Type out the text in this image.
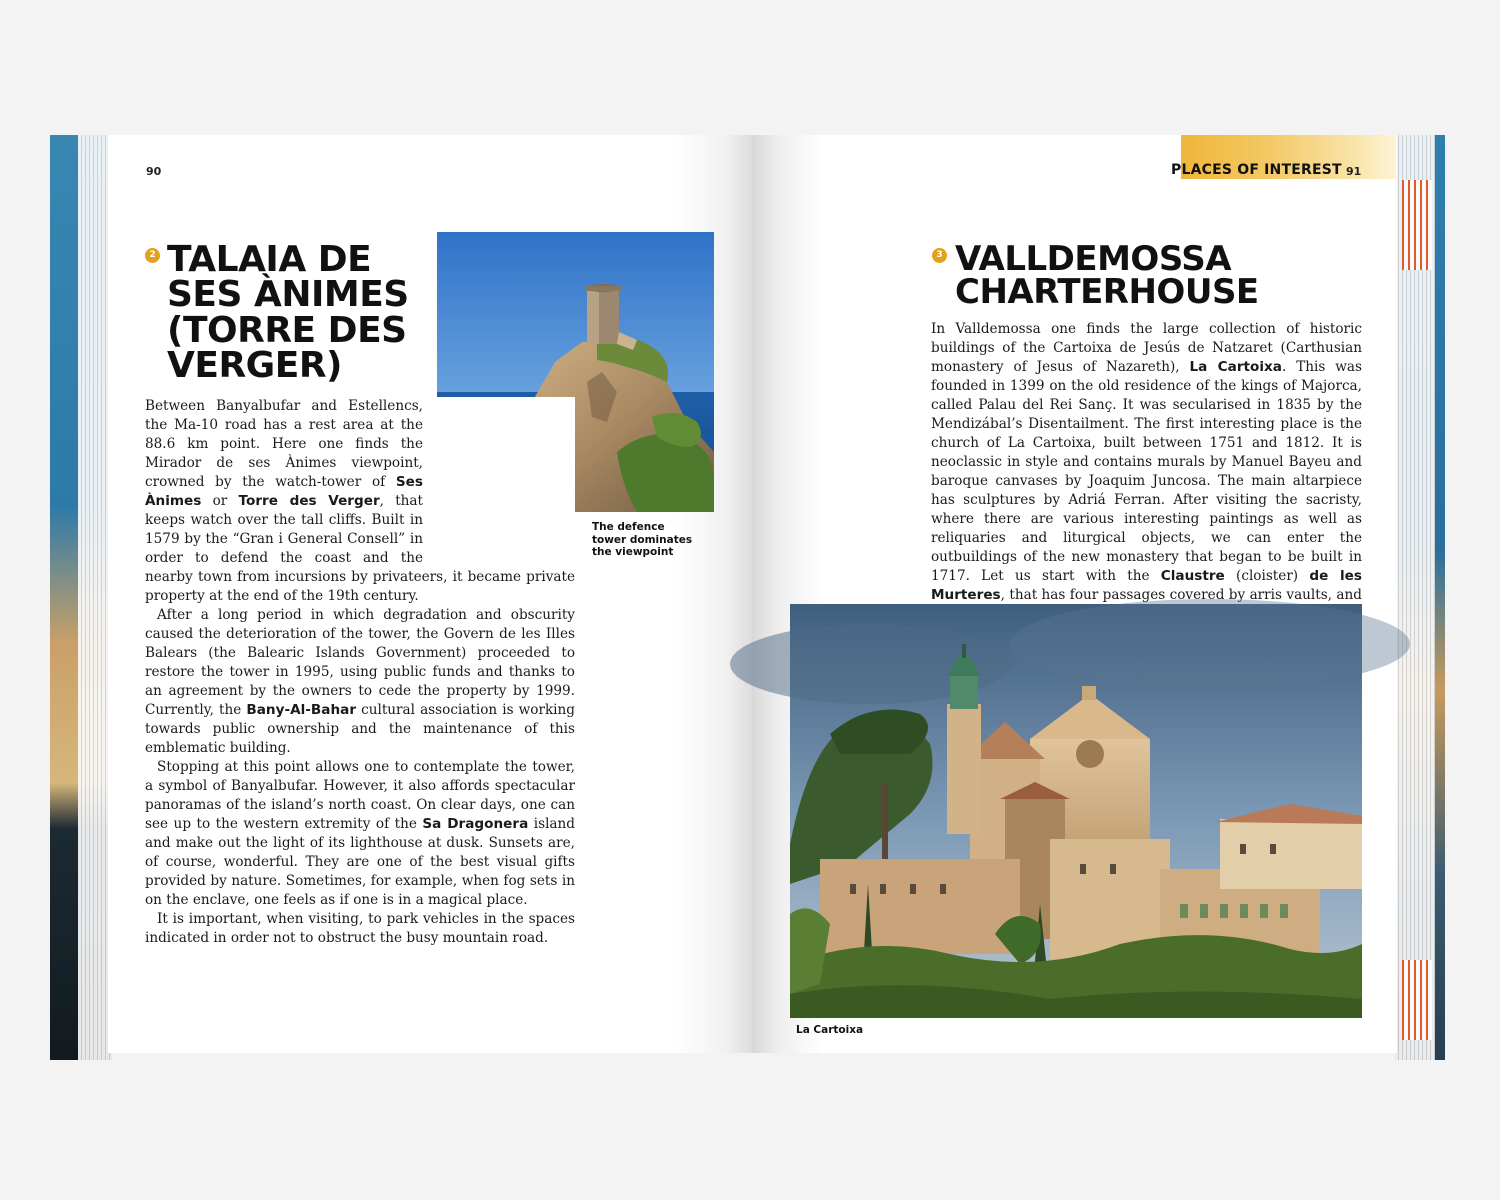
90
2 TALAIA DE
SES ÀNIMES
(TORRE DES
VERGER)
The defence tower dominates the viewpoint

Between Banyalbufar and Estellencs, the Ma-10 road has a rest area at the 88.6 km point. Here one finds the Mirador de ses Ànimes viewpoint, crowned by the watch-tower of Ses Ànimes or Torre des Verger, that keeps watch over the tall cliffs. Built in 1579 by the “Gran i General Consell” in order to defend the coast and the nearby town from incursions by privateers, it became private property at the end of the 19th century.

After a long period in which degradation and obscurity caused the deterioration of the tower, the Govern de les Illes Balears (the Balearic Islands Government) proceeded to restore the tower in 1995, using public funds and thanks to an agreement by the owners to cede the property by 1999. Currently, the Bany-Al-Bahar cultural association is working towards public ownership and the maintenance of this emblematic building.

Stopping at this point allows one to contemplate the tower, a symbol of Banyalbufar. However, it also affords spectacular panoramas of the island’s north coast. On clear days, one can see up to the western extremity of the Sa Dragonera island and make out the light of its lighthouse at dusk. Sunsets are, of course, wonderful. They are one of the best visual gifts provided by nature. Sometimes, for example, when fog sets in on the enclave, one feels as if one is in a magical place.

It is important, when visiting, to park vehicles in the spaces indicated in order not to obstruct the busy mountain road.

PLACES OF INTEREST 91
3 VALLDEMOSSA
CHARTERHOUSE

In Valldemossa one finds the large collection of historic buildings of the Cartoixa de Jesús de Natzaret (Carthusian monastery of Jesus of Nazareth), La Cartoixa. This was founded in 1399 on the old residence of the kings of Majorca, called Palau del Rei Sanç. It was secularised in 1835 by the Mendizábal’s Disentailment. The first interesting place is the church of La Cartoixa, built between 1751 and 1812. It is neoclassic in style and contains murals by Manuel Bayeu and baroque canvases by Joaquim Juncosa. The main altarpiece has sculptures by Adriá Ferran. After visiting the sacristy, where there are various interesting paintings as well as reliquaries and liturgical objects, we can enter the outbuildings of the new monastery that began to be built in 1717. Let us start with the Claustre (cloister) de les Murteres, that has four passages covered by arris vaults, and

La Cartoixa
